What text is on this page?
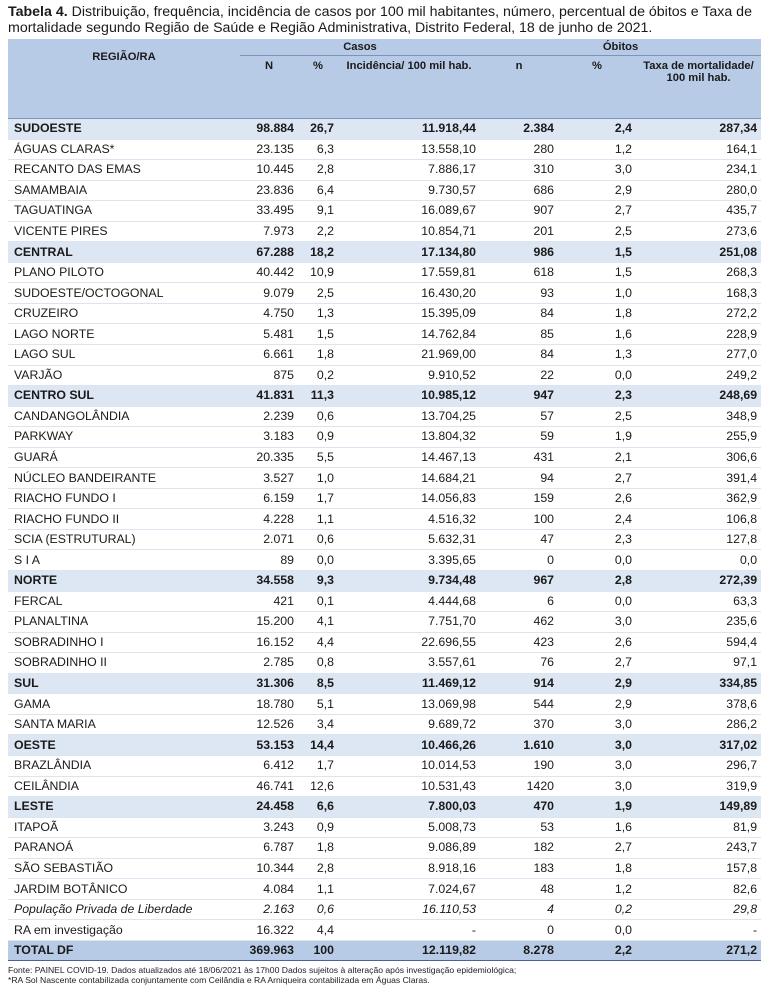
Tabela 4. Distribuição, frequência, incidência de casos por 100 mil habitantes, número, percentual de óbitos e Taxa de mortalidade segundo Região de Saúde e Região Administrativa, Distrito Federal, 18 de junho de 2021.

REGIÃO/RA	Casos			Óbitos		
	N	%	Incidência/ 100 mil hab.	n	%	Taxa de mortalidade/ 100 mil hab.
SUDOESTE	98.884	26,7	11.918,44	2.384	2,4	287,34
ÁGUAS CLARAS*	23.135	6,3	13.558,10	280	1,2	164,1
RECANTO DAS EMAS	10.445	2,8	7.886,17	310	3,0	234,1
SAMAMBAIA	23.836	6,4	9.730,57	686	2,9	280,0
TAGUATINGA	33.495	9,1	16.089,67	907	2,7	435,7
VICENTE PIRES	7.973	2,2	10.854,71	201	2,5	273,6
CENTRAL	67.288	18,2	17.134,80	986	1,5	251,08
PLANO PILOTO	40.442	10,9	17.559,81	618	1,5	268,3
SUDOESTE/OCTOGONAL	9.079	2,5	16.430,20	93	1,0	168,3
CRUZEIRO	4.750	1,3	15.395,09	84	1,8	272,2
LAGO NORTE	5.481	1,5	14.762,84	85	1,6	228,9
LAGO SUL	6.661	1,8	21.969,00	84	1,3	277,0
VARJÃO	875	0,2	9.910,52	22	0,0	249,2
CENTRO SUL	41.831	11,3	10.985,12	947	2,3	248,69
CANDANGOLÂNDIA	2.239	0,6	13.704,25	57	2,5	348,9
PARKWAY	3.183	0,9	13.804,32	59	1,9	255,9
GUARÁ	20.335	5,5	14.467,13	431	2,1	306,6
NÚCLEO BANDEIRANTE	3.527	1,0	14.684,21	94	2,7	391,4
RIACHO FUNDO I	6.159	1,7	14.056,83	159	2,6	362,9
RIACHO FUNDO II	4.228	1,1	4.516,32	100	2,4	106,8
SCIA (ESTRUTURAL)	2.071	0,6	5.632,31	47	2,3	127,8
S I A	89	0,0	3.395,65	0	0,0	0,0
NORTE	34.558	9,3	9.734,48	967	2,8	272,39
FERCAL	421	0,1	4.444,68	6	0,0	63,3
PLANALTINA	15.200	4,1	7.751,70	462	3,0	235,6
SOBRADINHO I	16.152	4,4	22.696,55	423	2,6	594,4
SOBRADINHO II	2.785	0,8	3.557,61	76	2,7	97,1
SUL	31.306	8,5	11.469,12	914	2,9	334,85
GAMA	18.780	5,1	13.069,98	544	2,9	378,6
SANTA MARIA	12.526	3,4	9.689,72	370	3,0	286,2
OESTE	53.153	14,4	10.466,26	1.610	3,0	317,02
BRAZLÂNDIA	6.412	1,7	10.014,53	190	3,0	296,7
CEILÂNDIA	46.741	12,6	10.531,43	1420	3,0	319,9
LESTE	24.458	6,6	7.800,03	470	1,9	149,89
ITAPOÃ	3.243	0,9	5.008,73	53	1,6	81,9
PARANOÁ	6.787	1,8	9.086,89	182	2,7	243,7
SÃO SEBASTIÃO	10.344	2,8	8.918,16	183	1,8	157,8
JARDIM BOTÂNICO	4.084	1,1	7.024,67	48	1,2	82,6
População Privada de Liberdade	2.163	0,6	16.110,53	4	0,2	29,8
RA em investigação	16.322	4,4	-	0	0,0	-
TOTAL DF	369.963	100	12.119,82	8.278	2,2	271,2
Fonte: PAINEL COVID-19. Dados atualizados até 18/06/2021 às 17h00 Dados sujeitos à alteração após investigação epidemiológica;
*RA Sol Nascente contabilizada conjuntamente com Ceilândia e RA Arniqueira contabilizada em Águas Claras.
